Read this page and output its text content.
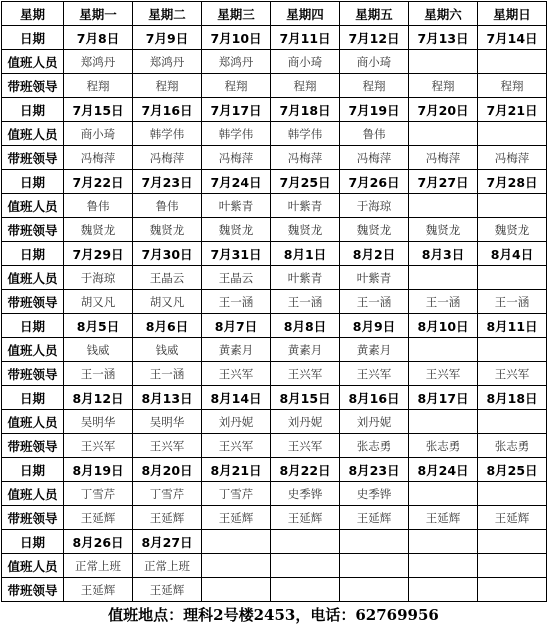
星期	星期一	星期二	星期三	星期四	星期五	星期六	星期日
日期	7月8日	7月9日	7月10日	7月11日	7月12日	7月13日	7月14日
值班人员	郑鸿丹	郑鸿丹	郑鸿丹	商小琦	商小琦		
带班领导	程翔	程翔	程翔	程翔	程翔	程翔	程翔
日期	7月15日	7月16日	7月17日	7月18日	7月19日	7月20日	7月21日
值班人员	商小琦	韩学伟	韩学伟	韩学伟	鲁伟		
带班领导	冯梅萍	冯梅萍	冯梅萍	冯梅萍	冯梅萍	冯梅萍	冯梅萍
日期	7月22日	7月23日	7月24日	7月25日	7月26日	7月27日	7月28日
值班人员	鲁伟	鲁伟	叶紫青	叶紫青	于海琼		
带班领导	魏贤龙	魏贤龙	魏贤龙	魏贤龙	魏贤龙	魏贤龙	魏贤龙
日期	7月29日	7月30日	7月31日	8月1日	8月2日	8月3日	8月4日
值班人员	于海琼	王晶云	王晶云	叶紫青	叶紫青		
带班领导	胡又凡	胡又凡	王一涵	王一涵	王一涵	王一涵	王一涵
日期	8月5日	8月6日	8月7日	8月8日	8月9日	8月10日	8月11日
值班人员	钱威	钱威	黄素月	黄素月	黄素月		
带班领导	王一涵	王一涵	王兴军	王兴军	王兴军	王兴军	王兴军
日期	8月12日	8月13日	8月14日	8月15日	8月16日	8月17日	8月18日
值班人员	吴明华	吴明华	刘丹妮	刘丹妮	刘丹妮		
带班领导	王兴军	王兴军	王兴军	王兴军	张志勇	张志勇	张志勇
日期	8月19日	8月20日	8月21日	8月22日	8月23日	8月24日	8月25日
值班人员	丁雪芹	丁雪芹	丁雪芹	史季铧	史季铧		
带班领导	王延辉	王延辉	王延辉	王延辉	王延辉	王延辉	王延辉
日期	8月26日	8月27日					
值班人员	正常上班	正常上班					
带班领导	王延辉	王延辉					
值班地点：理科2号楼2453，电话：62769956
